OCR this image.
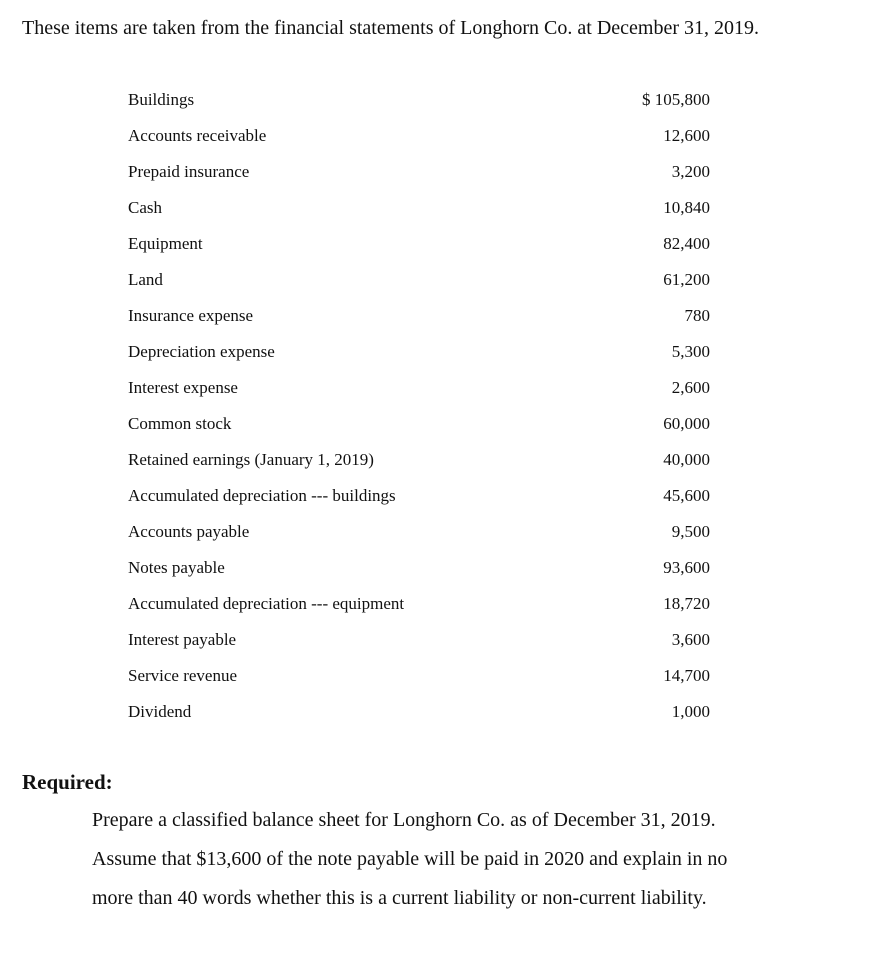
These items are taken from the financial statements of Longhorn Co. at December 31, 2019.
Buildings	$ 105,800
Accounts receivable	12,600
Prepaid insurance	3,200
Cash	10,840
Equipment	82,400
Land	61,200
Insurance expense	780
Depreciation expense	5,300
Interest expense	2,600
Common stock	60,000
Retained earnings (January 1, 2019)	40,000
Accumulated depreciation --- buildings	45,600
Accounts payable	9,500
Notes payable	93,600
Accumulated depreciation --- equipment	18,720
Interest payable	3,600
Service revenue	14,700
Dividend	1,000
Required:

Prepare a classified balance sheet for Longhorn Co. as of December 31, 2019.

Assume that $13,600 of the note payable will be paid in 2020 and explain in no

more than 40 words whether this is a current liability or non-current liability.
